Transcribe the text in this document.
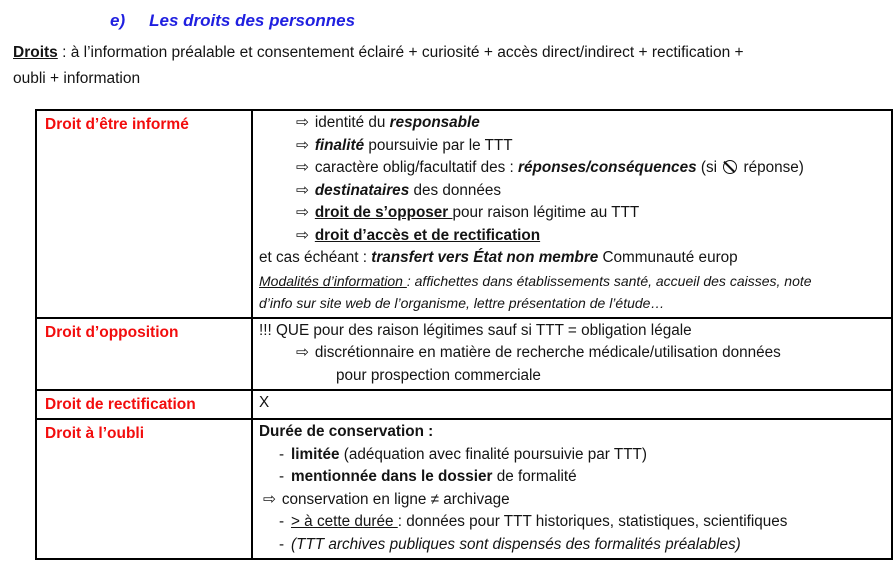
e) Les droits des personnes
Droits : à l’information préalable et consentement éclairé + curiosité + accès direct/indirect + rectification +
oubli + information
Droit d’être informé	⇨ identité du responsable
⇨ finalité poursuivie par le TTT
⇨ caractère oblig/facultatif des : réponses/conséquences (si  réponse)
⇨ destinataires des données
⇨ droit de s’opposer pour raison légitime au TTT
⇨ droit d’accès et de rectification
et cas échéant : transfert vers État non membre Communauté europ
Modalités d’information : affichettes dans établissements santé, accueil des caisses, note
d’info sur site web de l’organisme, lettre présentation de l’étude…

Droit d’opposition	!!! QUE pour des raison légitimes sauf si TTT = obligation légale
⇨ discrétionnaire en matière de recherche médicale/utilisation données
pour prospection commerciale

Droit de rectification	X

Droit à l’oubli	Durée de conservation :
- limitée (adéquation avec finalité poursuivie par TTT)
- mentionnée dans le dossier de formalité
⇨ conservation en ligne ≠ archivage
- > à cette durée : données pour TTT historiques, statistiques, scientifiques
- (TTT archives publiques sont dispensés des formalités préalables)
